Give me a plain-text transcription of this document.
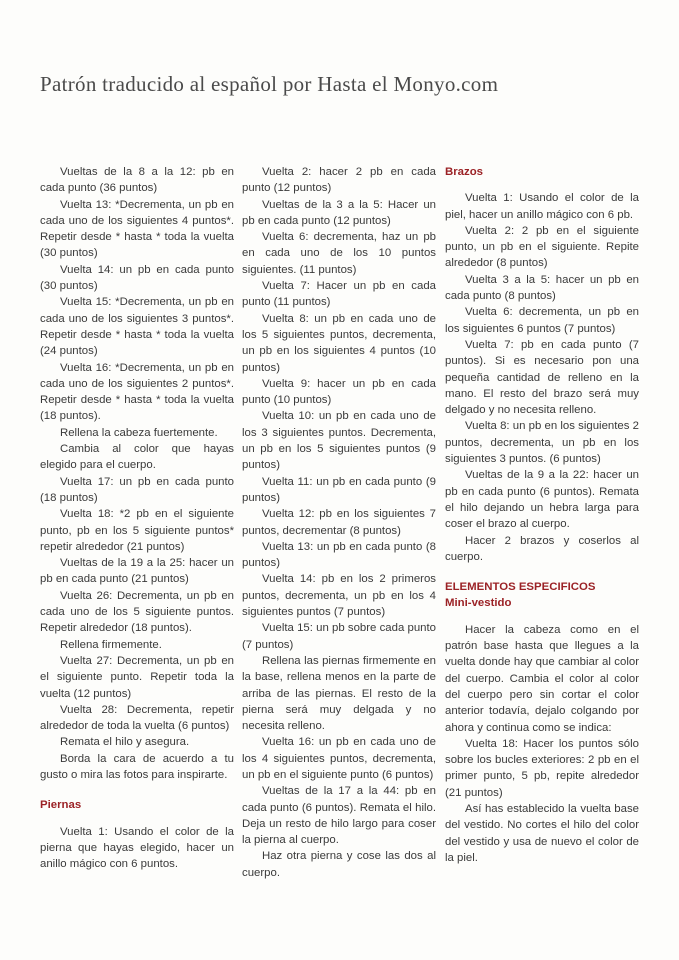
Patrón traducido al español por Hasta el Monyo.com

Vueltas de la 8 a la 12: pb en cada punto (36 puntos)

Vuelta 13: *Decrementa, un pb en cada uno de los siguientes 4 puntos*. Repetir desde * hasta * toda la vuelta (30 puntos)

Vuelta 14: un pb en cada punto (30 puntos)

Vuelta 15: *Decrementa, un pb en cada uno de los siguientes 3 puntos*. Repetir desde * hasta * toda la vuelta (24 puntos)

Vuelta 16: *Decrementa, un pb en cada uno de los siguientes 2 puntos*. Repetir desde * hasta * toda la vuelta (18 puntos).

Rellena la cabeza fuertemente.

Cambia al color que hayas elegido para el cuerpo.

Vuelta 17: un pb en cada punto (18 puntos)

Vuelta 18: *2 pb en el siguiente punto, pb en los 5 siguiente puntos* repetir alrededor (21 puntos)

Vueltas de la 19 a la 25: hacer un pb en cada punto (21 puntos)

Vuelta 26: Decrementa, un pb en cada uno de los 5 siguiente puntos. Repetir alrededor (18 puntos).

Rellena firmemente.

Vuelta 27: Decrementa, un pb en el siguiente punto. Repetir toda la vuelta (12 puntos)

Vuelta 28: Decrementa, repetir alrededor de toda la vuelta (6 puntos)

Remata el hilo y asegura.

Borda la cara de acuerdo a tu gusto o mira las fotos para inspirarte.

Piernas

Vuelta 1: Usando el color de la pierna que hayas elegido, hacer un anillo mágico con 6 puntos.

Vuelta 2: hacer 2 pb en cada punto (12 puntos)

Vueltas de la 3 a la 5: Hacer un pb en cada punto (12 puntos)

Vuelta 6: decrementa, haz un pb en cada uno de los 10 puntos siguientes. (11 puntos)

Vuelta 7: Hacer un pb en cada punto (11 puntos)

Vuelta 8: un pb en cada uno de los 5 siguientes puntos, decrementa, un pb en los siguientes 4 puntos (10 puntos)

Vuelta 9: hacer un pb en cada punto (10 puntos)

Vuelta 10: un pb en cada uno de los 3 siguientes puntos. Decrementa, un pb en los 5 siguientes puntos (9 puntos)

Vuelta 11: un pb en cada punto (9 puntos)

Vuelta 12: pb en los siguientes 7 puntos, decrementar (8 puntos)

Vuelta 13: un pb en cada punto (8 puntos)

Vuelta 14: pb en los 2 primeros puntos, decrementa, un pb en los 4 siguientes puntos (7 puntos)

Vuelta 15: un pb sobre cada punto (7 puntos)

Rellena las piernas firmemente en la base, rellena menos en la parte de arriba de las piernas. El resto de la pierna será muy delgada y no necesita relleno.

Vuelta 16: un pb en cada uno de los 4 siguientes puntos, decrementa, un pb en el siguiente punto (6 puntos)

Vueltas de la 17 a la 44: pb en cada punto (6 puntos). Remata el hilo. Deja un resto de hilo largo para coser la pierna al cuerpo.

Haz otra pierna y cose las dos al cuerpo.

Brazos

Vuelta 1: Usando el color de la piel, hacer un anillo mágico con 6 pb.

Vuelta 2: 2 pb en el siguiente punto, un pb en el siguiente. Repite alrededor (8 puntos)

Vuelta 3 a la 5: hacer un pb en cada punto (8 puntos)

Vuelta 6: decrementa, un pb en los siguientes 6 puntos (7 puntos)

Vuelta 7: pb en cada punto (7 puntos). Si es necesario pon una pequeña cantidad de relleno en la mano. El resto del brazo será muy delgado y no necesita relleno.

Vuelta 8: un pb en los siguientes 2 puntos, decrementa, un pb en los siguientes 3 puntos. (6 puntos)

Vueltas de la 9 a la 22: hacer un pb en cada punto (6 puntos). Remata el hilo dejando un hebra larga para coser el brazo al cuerpo.

Hacer 2 brazos y coserlos al cuerpo.

ELEMENTOS ESPECIFICOS
Mini-vestido

Hacer la cabeza como en el patrón base hasta que llegues a la vuelta donde hay que cambiar al color del cuerpo. Cambia el color al color del cuerpo pero sin cortar el color anterior todavía, dejalo colgando por ahora y continua como se indica:

Vuelta 18: Hacer los puntos sólo sobre los bucles exteriores: 2 pb en el primer punto, 5 pb, repite alrededor (21 puntos)

Así has establecido la vuelta base del vestido. No cortes el hilo del color del vestido y usa de nuevo el color de la piel.
